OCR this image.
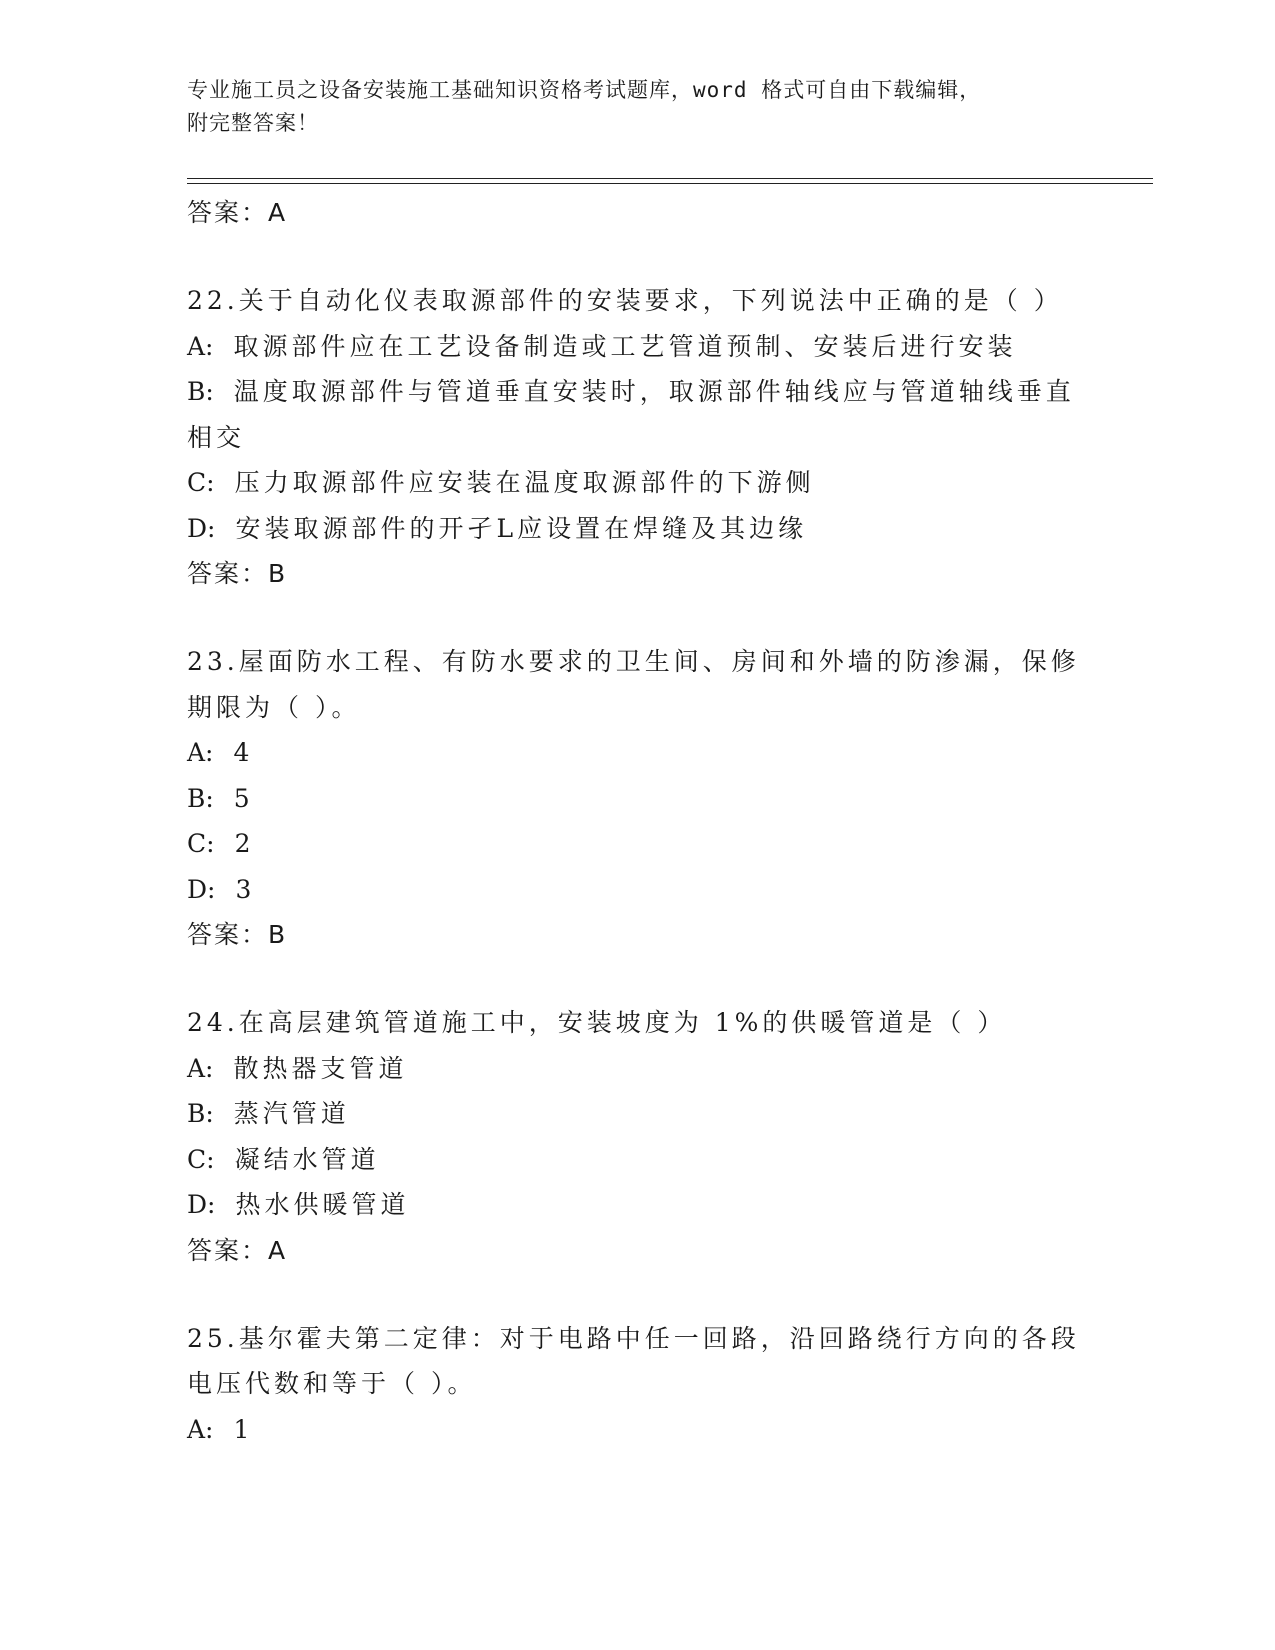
专业施工员之设备安装施工基础知识资格考试题库，word 格式可自由下载编辑，
附完整答案！

答案：A

22.关于自动化仪表取源部件的安装要求，下列说法中正确的是（ ）

A: 取源部件应在工艺设备制造或工艺管道预制、安装后进行安装

B: 温度取源部件与管道垂直安装时，取源部件轴线应与管道轴线垂直相交

C: 压力取源部件应安装在温度取源部件的下游侧

D: 安装取源部件的开孑L应设置在焊缝及其边缘

答案：B

23.屋面防水工程、有防水要求的卫生间、房间和外墙的防渗漏，保修期限为（ ）。

A: 4

B: 5

C: 2

D: 3

答案：B

24.在高层建筑管道施工中，安装坡度为 1%的供暖管道是（ ）

A: 散热器支管道

B: 蒸汽管道

C: 凝结水管道

D: 热水供暖管道

答案：A

25.基尔霍夫第二定律：对于电路中任一回路，沿回路绕行方向的各段电压代数和等于（ ）。

A: 1
